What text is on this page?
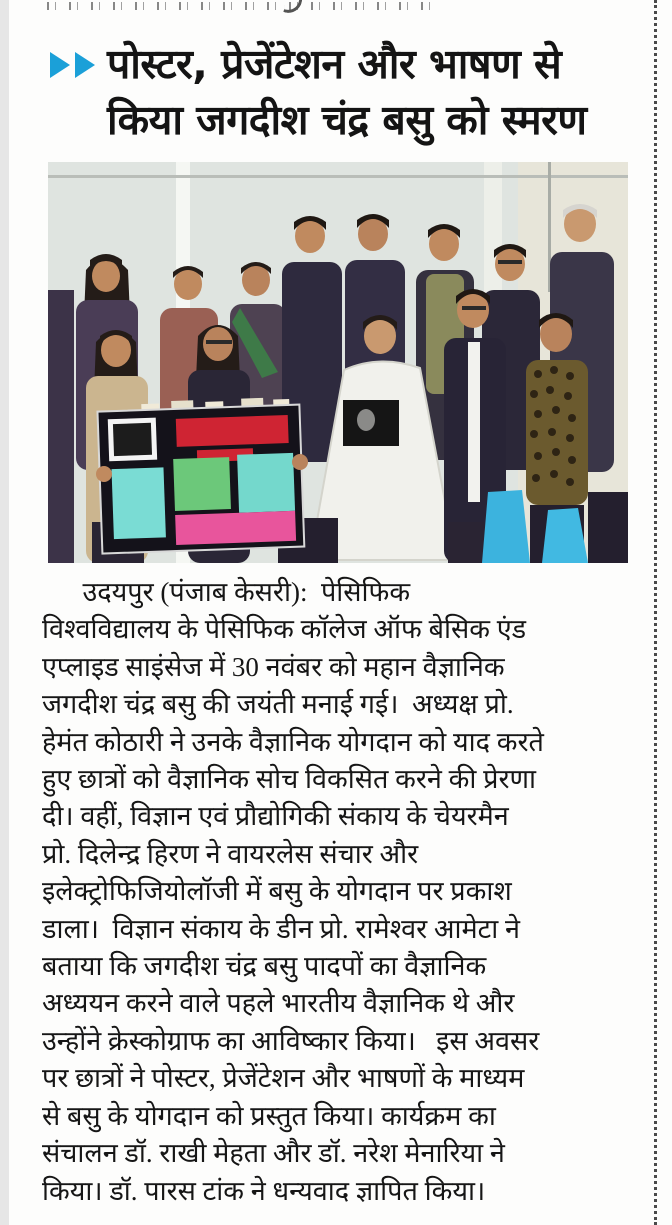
पोस्टर, प्रेजेंटेशन और भाषण से
किया जगदीश चंद्र बसु को स्मरण
उदयपुर (पंजाब केसरी):  पेसिफिक
विश्वविद्यालय के पेसिफिक कॉलेज ऑफ बेसिक एंड
एप्लाइड साइंसेज में 30 नवंबर को महान वैज्ञानिक
जगदीश चंद्र बसु की जयंती मनाई गई।  अध्यक्ष प्रो.
हेमंत कोठारी ने उनके वैज्ञानिक योगदान को याद करते
हुए छात्रों को वैज्ञानिक सोच विकसित करने की प्रेरणा
दी। वहीं, विज्ञान एवं प्रौद्योगिकी संकाय के चेयरमैन
प्रो. दिलेन्द्र हिरण ने वायरलेस संचार और
इलेक्ट्रोफिजियोलॉजी में बसु के योगदान पर प्रकाश
डाला।  विज्ञान संकाय के डीन प्रो. रामेश्वर आमेटा ने
बताया कि जगदीश चंद्र बसु पादपों का वैज्ञानिक
अध्ययन करने वाले पहले भारतीय वैज्ञानिक थे और
उन्होंने क्रेस्कोग्राफ का आविष्कार किया।   इस अवसर
पर छात्रों ने पोस्टर, प्रेजेंटेशन और भाषणों के माध्यम
से बसु के योगदान को प्रस्तुत किया। कार्यक्रम का
संचालन डॉ. राखी मेहता और डॉ. नरेश मेनारिया ने
किया। डॉ. पारस टांक ने धन्यवाद ज्ञापित किया।
